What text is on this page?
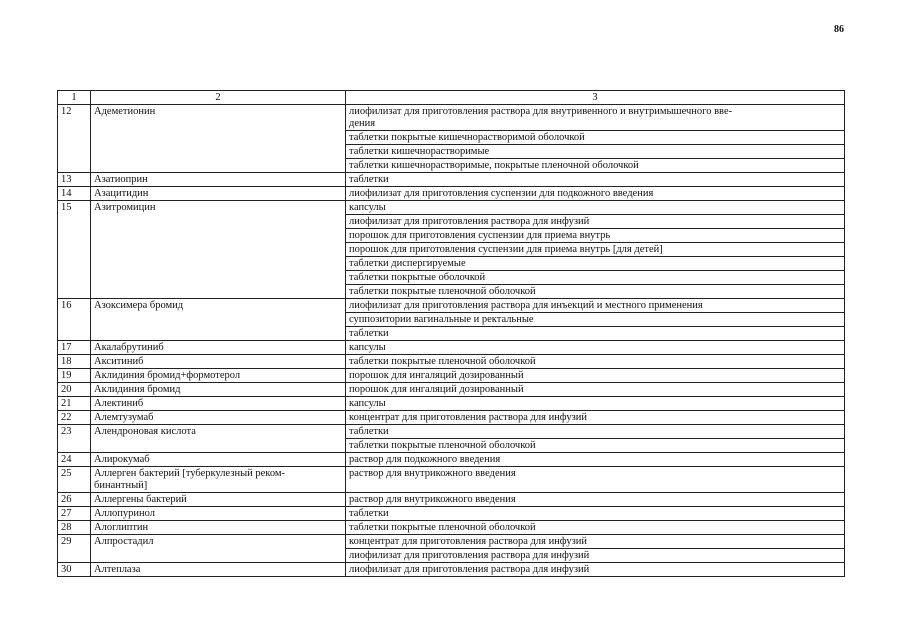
86
1	2	3
12	Адеметионин	лиофилизат для приготовления раствора для внутривенного и внутримышечного вве-
дения
		таблетки покрытые кишечнорастворимой оболочкой
		таблетки кишечнорастворимые
		таблетки кишечнорастворимые, покрытые пленочной оболочкой
13	Азатиоприн	таблетки
14	Азацитидин	лиофилизат для приготовления суспензии для подкожного введения
15	Азитромицин	капсулы
		лиофилизат для приготовления раствора для инфузий
		порошок для приготовления суспензии для приема внутрь
		порошок для приготовления суспензии для приема внутрь [для детей]
		таблетки диспергируемые
		таблетки покрытые оболочкой
		таблетки покрытые пленочной оболочкой
16	Азоксимера бромид	лиофилизат для приготовления раствора для инъекций и местного применения
		суппозитории вагинальные и ректальные
		таблетки
17	Акалабрутиниб	капсулы
18	Акситиниб	таблетки покрытые пленочной оболочкой
19	Аклидиния бромид+формотерол	порошок для ингаляций дозированный
20	Аклидиния бромид	порошок для ингаляций дозированный
21	Алектиниб	капсулы
22	Алемтузумаб	концентрат для приготовления раствора для инфузий
23	Алендроновая кислота	таблетки
		таблетки покрытые пленочной оболочкой
24	Алирокумаб	раствор для подкожного введения
25	Аллерген бактерий [туберкулезный реком-
бинантный]	раствор для внутрикожного введения
26	Аллергены бактерий	раствор для внутрикожного введения
27	Аллопуринол	таблетки
28	Алоглиптин	таблетки покрытые пленочной оболочкой
29	Алпростадил	концентрат для приготовления раствора для инфузий
		лиофилизат для приготовления раствора для инфузий
30	Алтеплаза	лиофилизат для приготовления раствора для инфузий
